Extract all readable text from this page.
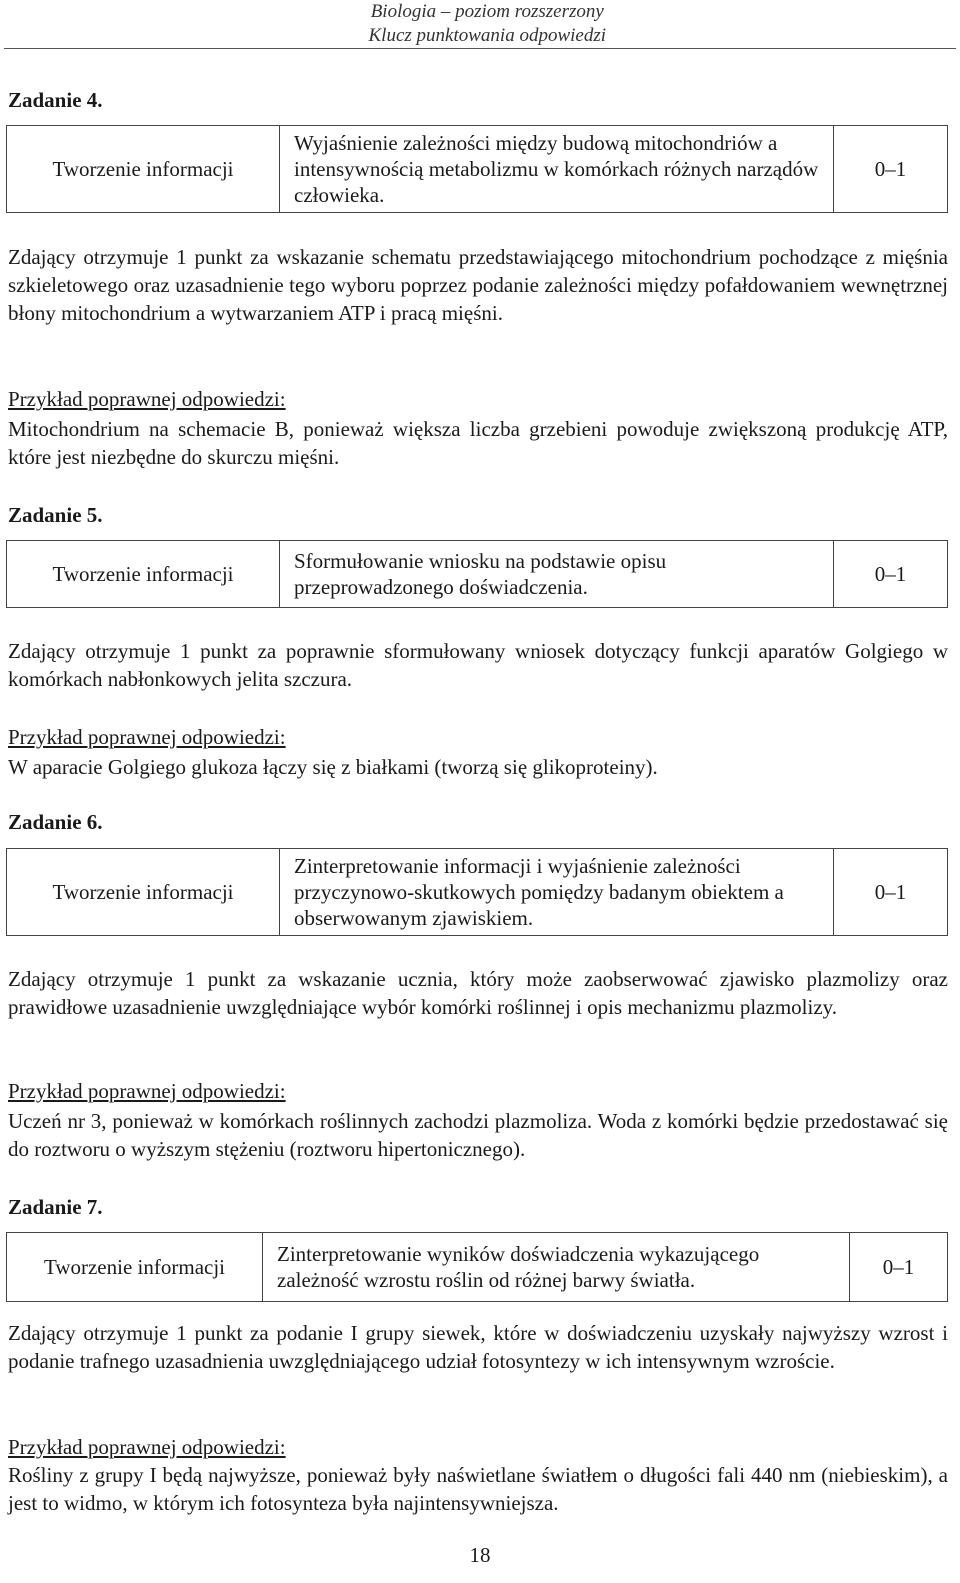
Biologia – poziom rozszerzony
Klucz punktowania odpowiedzi
Zadanie 4.
Tworzenie informacji	Wyjaśnienie zależności między budową mitochondriów a intensywnością metabolizmu w komórkach różnych narządów człowieka.	0–1

Zdający otrzymuje 1 punkt za wskazanie schematu przedstawiającego mitochondrium pochodzące z mięśnia szkieletowego oraz uzasadnienie tego wyboru poprzez podanie zależności między pofałdowaniem wewnętrznej błony mitochondrium a wytwarzaniem ATP i pracą mięśni.

Przykład poprawnej odpowiedzi:

Mitochondrium na schemacie B, ponieważ większa liczba grzebieni powoduje zwiększoną produkcję ATP, które jest niezbędne do skurczu mięśni.

Zadanie 5.
Tworzenie informacji	Sformułowanie wniosku na podstawie opisu przeprowadzonego doświadczenia.	0–1

Zdający otrzymuje 1 punkt za poprawnie sformułowany wniosek dotyczący funkcji aparatów Golgiego w komórkach nabłonkowych jelita szczura.

Przykład poprawnej odpowiedzi:

W aparacie Golgiego glukoza łączy się z białkami (tworzą się glikoproteiny).

Zadanie 6.
Tworzenie informacji	Zinterpretowanie informacji i wyjaśnienie zależności przyczynowo-skutkowych pomiędzy badanym obiektem a obserwowanym zjawiskiem.	0–1

Zdający otrzymuje 1 punkt za wskazanie ucznia, który może zaobserwować zjawisko plazmolizy oraz prawidłowe uzasadnienie uwzględniające wybór komórki roślinnej i opis mechanizmu plazmolizy.

Przykład poprawnej odpowiedzi:

Uczeń nr 3, ponieważ w komórkach roślinnych zachodzi plazmoliza. Woda z komórki będzie przedostawać się do roztworu o wyższym stężeniu (roztworu hipertonicznego).

Zadanie 7.
Tworzenie informacji	Zinterpretowanie wyników doświadczenia wykazującego zależność wzrostu roślin od różnej barwy światła.	0–1

Zdający otrzymuje 1 punkt za podanie I grupy siewek, które w doświadczeniu uzyskały najwyższy wzrost i podanie trafnego uzasadnienia uwzględniającego udział fotosyntezy w ich intensywnym wzroście.

Przykład poprawnej odpowiedzi:

Rośliny z grupy I będą najwyższe, ponieważ były naświetlane światłem o długości fali 440 nm (niebieskim), a jest to widmo, w którym ich fotosynteza była najintensywniejsza.

18
